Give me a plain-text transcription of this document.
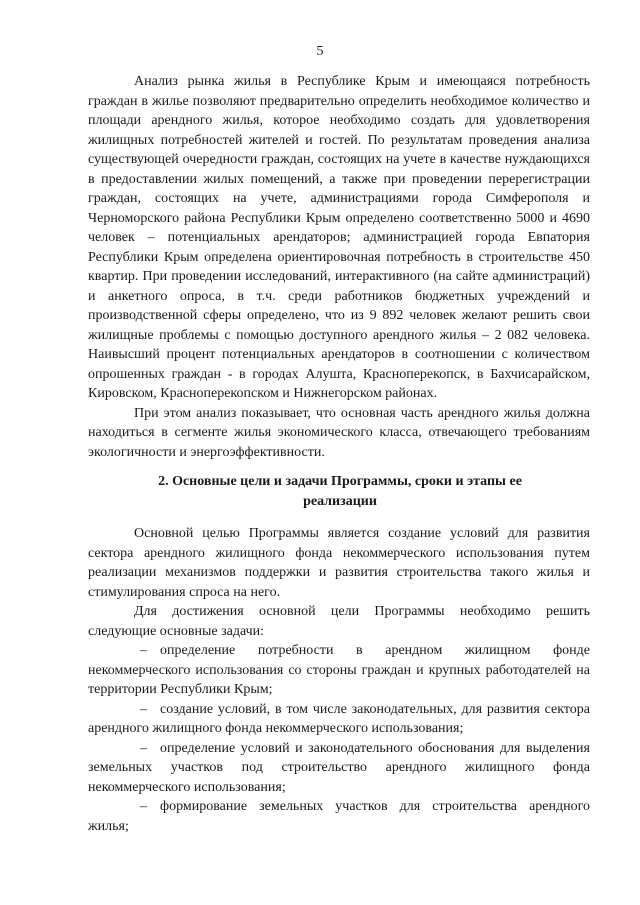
5

Анализ рынка жилья в Республике Крым и имеющаяся потребность граждан в жилье позволяют предварительно определить необходимое количество и площади арендного жилья, которое необходимо создать для удовлетворения жилищных потребностей жителей и гостей. По результатам проведения анализа существующей очередности граждан, состоящих на учете в качестве нуждающихся в предоставлении жилых помещений, а также при проведении перерегистрации граждан, состоящих на учете, администрациями города Симферополя и Черноморского района Республики Крым определено соответственно 5000 и 4690 человек – потенциальных арендаторов; администрацией города Евпатория Республики Крым определена ориентировочная потребность в строительстве 450 квартир. При проведении исследований, интерактивного (на сайте администраций) и анкетного опроса, в т.ч. среди работников бюджетных учреждений и производственной сферы определено, что из 9 892 человек желают решить свои жилищные проблемы с помощью доступного арендного жилья – 2 082 человека. Наивысший процент потенциальных арендаторов в соотношении с количеством опрошенных граждан - в городах Алушта, Красноперекопск, в Бахчисарайском, Кировском, Красноперекопском и Нижнегорском районах.

При этом анализ показывает, что основная часть арендного жилья должна находиться в сегменте жилья экономического класса, отвечающего требованиям экологичности и энергоэффективности.

2. Основные цели и задачи Программы, сроки и этапы ее реализации

Основной целью Программы является создание условий для развития сектора арендного жилищного фонда некоммерческого использования путем реализации механизмов поддержки и развития строительства такого жилья и стимулирования спроса на него.

Для достижения основной цели Программы необходимо решить следующие основные задачи:

– определение потребности в арендном жилищном фонде некоммерческого использования со стороны граждан и крупных работодателей на территории Республики Крым;

– создание условий, в том числе законодательных, для развития сектора арендного жилищного фонда некоммерческого использования;

– определение условий и законодательного обоснования для выделения земельных участков под строительство арендного жилищного фонда некоммерческого использования;

– формирование земельных участков для строительства арендного жилья;
